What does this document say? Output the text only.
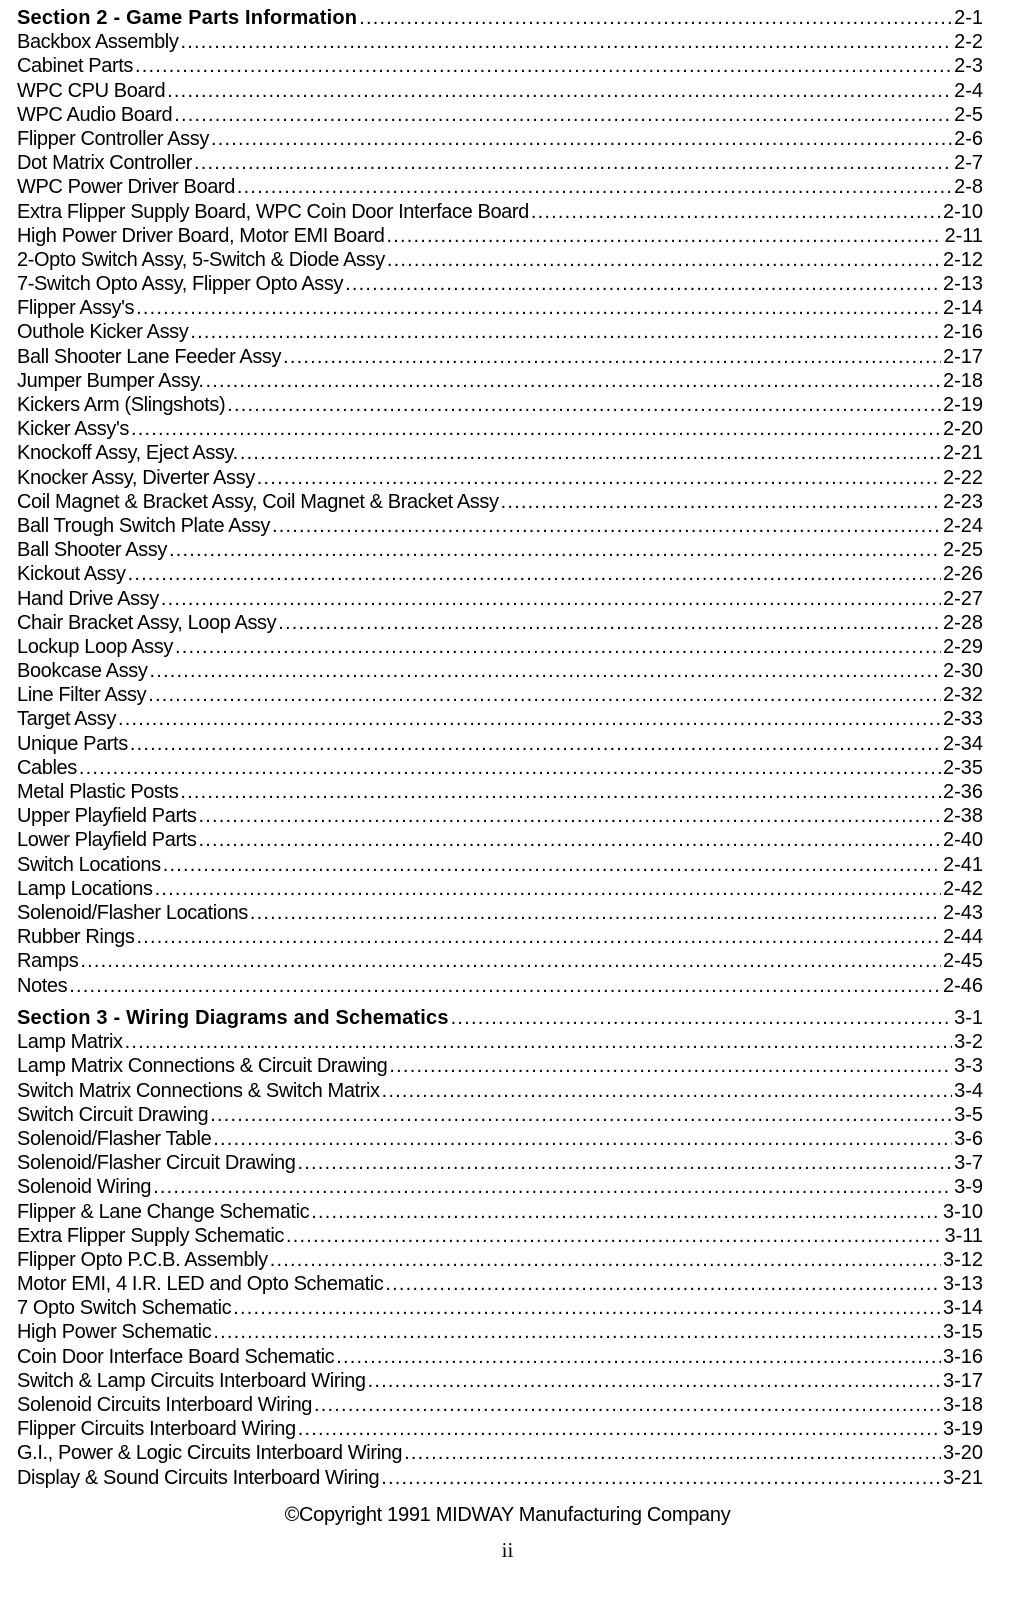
Section 2 - Game Parts Information .....	2-1
Backbox Assembly .....	2-2
Cabinet Parts .....	2-3
WPC CPU Board .....	2-4
WPC Audio Board .....	2-5
Flipper Controller Assy .....	2-6
Dot Matrix Controller .....	2-7
WPC Power Driver Board .....	2-8
Extra Flipper Supply Board, WPC Coin Door Interface Board .....	2-10
High Power Driver Board, Motor EMI Board .....	2-11
2-Opto Switch Assy, 5-Switch & Diode Assy .....	2-12
7-Switch Opto Assy, Flipper Opto Assy .....	2-13
Flipper Assy's .....	2-14
Outhole Kicker Assy .....	2-16
Ball Shooter Lane Feeder Assy .....	2-17
Jumper Bumper Assy. .....	2-18
Kickers Arm (Slingshots) .....	2-19
Kicker Assy's .....	2-20
Knockoff Assy, Eject Assy. .....	2-21
Knocker Assy, Diverter Assy .....	2-22
Coil Magnet & Bracket Assy, Coil Magnet & Bracket Assy .....	2-23
Ball Trough Switch Plate Assy .....	2-24
Ball Shooter Assy .....	2-25
Kickout Assy .....	2-26
Hand Drive Assy .....	2-27
Chair Bracket Assy, Loop Assy .....	2-28
Lockup Loop Assy .....	2-29
Bookcase Assy .....	2-30
Line Filter Assy .....	2-32
Target Assy .....	2-33
Unique Parts .....	2-34
Cables .....	2-35
Metal Plastic Posts .....	2-36
Upper Playfield Parts .....	2-38
Lower Playfield Parts .....	2-40
Switch Locations .....	2-41
Lamp Locations .....	2-42
Solenoid/Flasher Locations .....	2-43
Rubber Rings .....	2-44
Ramps .....	2-45
Notes .....	2-46
Section 3 - Wiring Diagrams and Schematics .....	3-1
Lamp Matrix .....	3-2
Lamp Matrix Connections & Circuit Drawing .....	3-3
Switch Matrix Connections & Switch Matrix .....	3-4
Switch Circuit Drawing .....	3-5
Solenoid/Flasher Table .....	3-6
Solenoid/Flasher Circuit Drawing .....	3-7
Solenoid Wiring .....	3-9
Flipper & Lane Change Schematic .....	3-10
Extra Flipper Supply Schematic .....	3-11
Flipper Opto P.C.B. Assembly .....	3-12
Motor EMI, 4 I.R. LED and Opto Schematic .....	3-13
7 Opto Switch Schematic .....	3-14
High Power Schematic .....	3-15
Coin Door Interface Board Schematic .....	3-16
Switch & Lamp Circuits Interboard Wiring .....	3-17
Solenoid Circuits Interboard Wiring .....	3-18
Flipper Circuits Interboard Wiring .....	3-19
G.I., Power & Logic Circuits Interboard Wiring .....	3-20
Display & Sound Circuits Interboard Wiring .....	3-21
©Copyright 1991 MIDWAY Manufacturing Company
ii
